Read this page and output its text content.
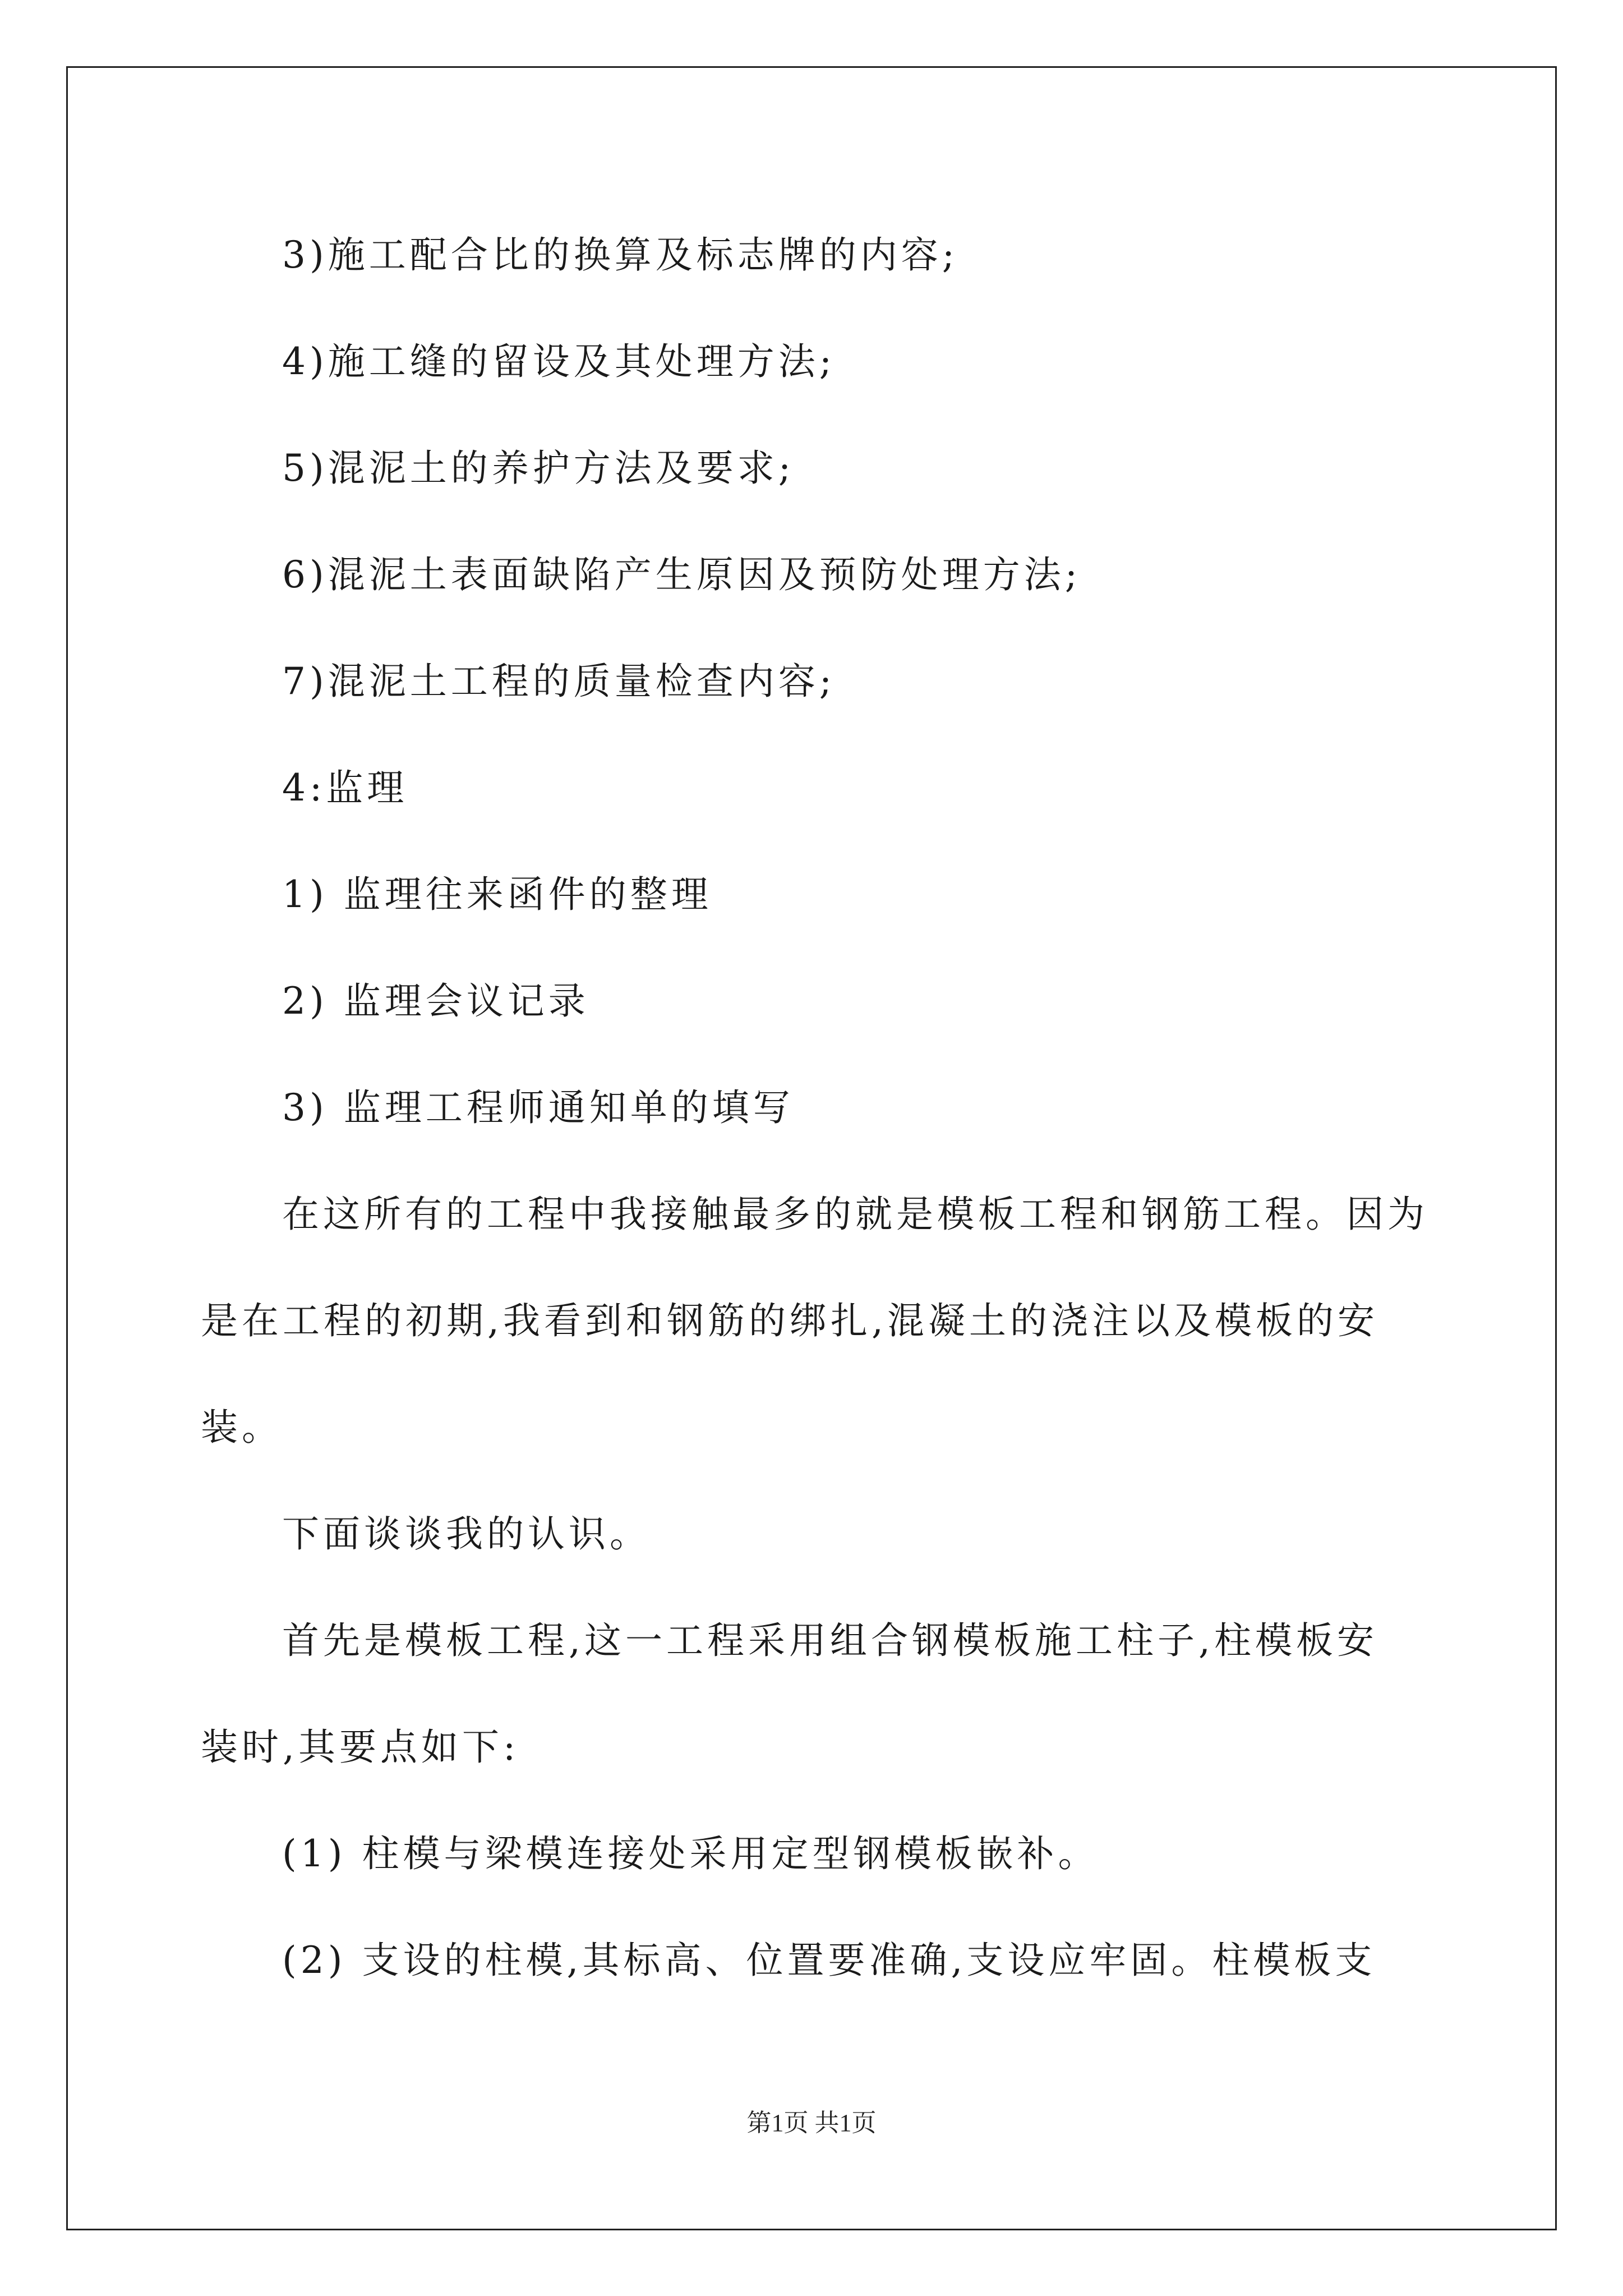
3)施工配合比的换算及标志牌的内容;
4)施工缝的留设及其处理方法;
5)混泥土的养护方法及要求;
6)混泥土表面缺陷产生原因及预防处理方法;
7)混泥土工程的质量检查内容;
4:监理
1) 监理往来函件的整理
2) 监理会议记录
3) 监理工程师通知单的填写
在这所有的工程中我接触最多的就是模板工程和钢筋工程。因为
是在工程的初期,我看到和钢筋的绑扎,混凝土的浇注以及模板的安
装。
下面谈谈我的认识。
首先是模板工程,这一工程采用组合钢模板施工柱子,柱模板安
装时,其要点如下:
(1) 柱模与梁模连接处采用定型钢模板嵌补。
(2) 支设的柱模,其标高、位置要准确,支设应牢固。柱模板支
第1页 共1页
